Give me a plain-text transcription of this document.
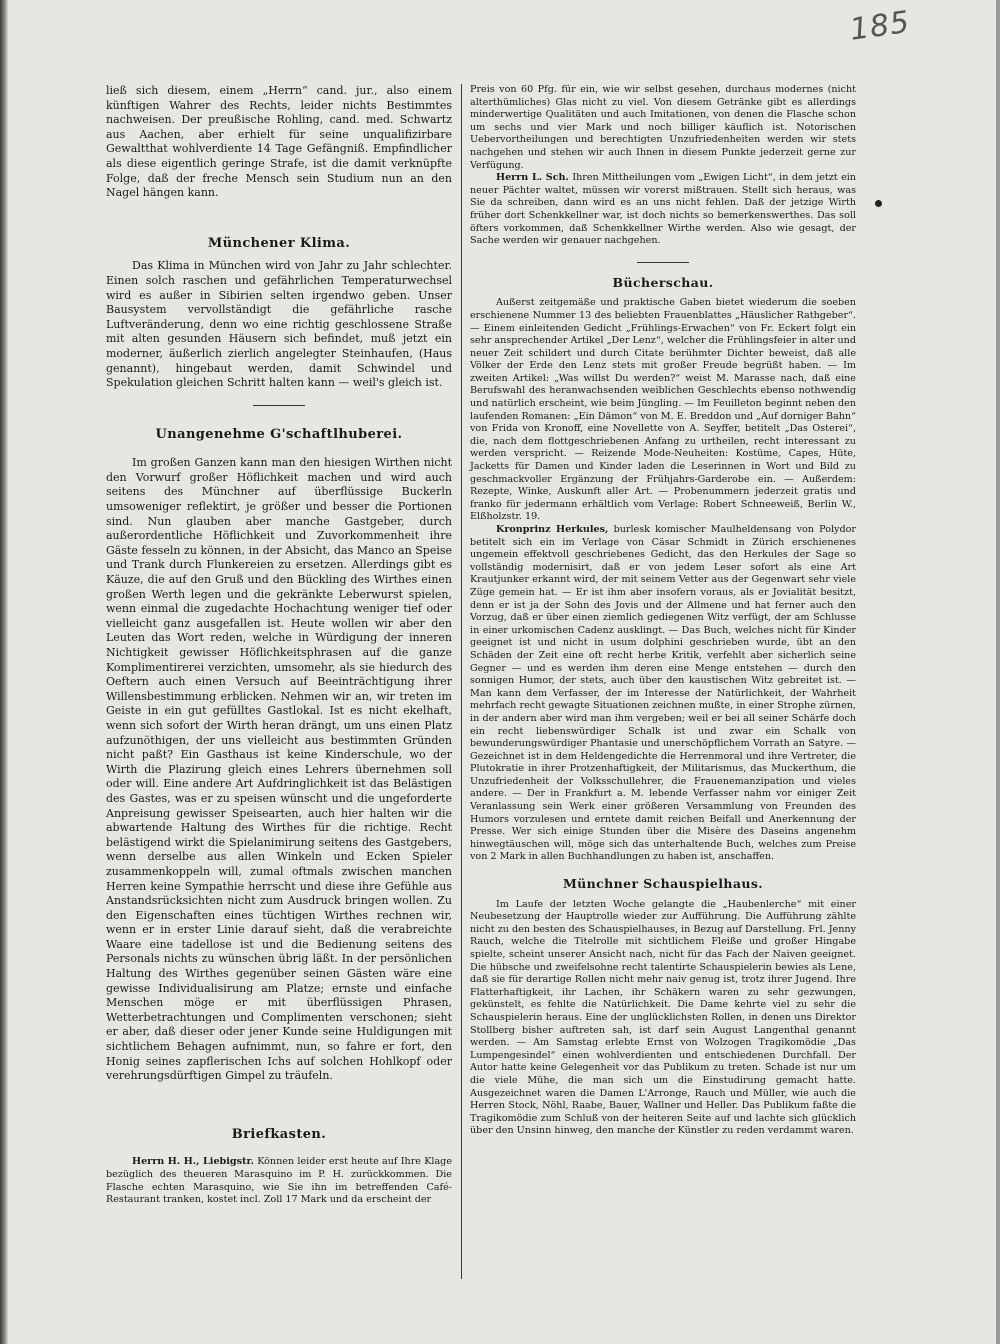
185

ließ sich diesem, einem „Herrn“ cand. jur., also einem künftigen Wahrer des Rechts, leider nichts Bestimmtes nachweisen. Der preußische Rohling, cand. med. Schwartz aus Aachen, aber erhielt für seine unqualifizirbare Gewaltthat wohlverdiente 14 Tage Gefängniß. Empfindlicher als diese eigentlich geringe Strafe, ist die damit verknüpfte Folge, daß der freche Mensch sein Studium nun an den Nagel hängen kann.

Münchener Klima.

Das Klima in München wird von Jahr zu Jahr schlechter. Einen solch raschen und gefährlichen Temperaturwechsel wird es außer in Sibirien selten irgendwo geben. Unser Bausystem vervollständigt die gefährliche rasche Luftveränderung, denn wo eine richtig geschlossene Straße mit alten gesunden Häusern sich befindet, muß jetzt ein moderner, äußerlich zierlich angelegter Steinhaufen, (Haus genannt), hingebaut werden, damit Schwindel und Spekulation gleichen Schritt halten kann — weil's gleich ist.

Unangenehme G'schaftlhuberei.

Im großen Ganzen kann man den hiesigen Wirthen nicht den Vorwurf großer Höflichkeit machen und wird auch seitens des Münchner auf überflüssige Buckerln umsoweniger reflektirt, je größer und besser die Portionen sind. Nun glauben aber manche Gastgeber, durch außerordentliche Höflichkeit und Zuvorkommenheit ihre Gäste fesseln zu können, in der Absicht, das Manco an Speise und Trank durch Flunkereien zu ersetzen. Allerdings gibt es Käuze, die auf den Gruß und den Bückling des Wirthes einen großen Werth legen und die gekränkte Leberwurst spielen, wenn einmal die zugedachte Hochachtung weniger tief oder vielleicht ganz ausgefallen ist. Heute wollen wir aber den Leuten das Wort reden, welche in Würdigung der inneren Nichtigkeit gewisser Höflichkeitsphrasen auf die ganze Komplimentirerei verzichten, umsomehr, als sie hiedurch des Oeftern auch einen Versuch auf Beeinträchtigung ihrer Willensbestimmung erblicken. Nehmen wir an, wir treten im Geiste in ein gut gefülltes Gastlokal. Ist es nicht ekelhaft, wenn sich sofort der Wirth heran drängt, um uns einen Platz aufzunöthigen, der uns vielleicht aus bestimmten Gründen nicht paßt? Ein Gasthaus ist keine Kinderschule, wo der Wirth die Plazirung gleich eines Lehrers übernehmen soll oder will. Eine andere Art Aufdringlichkeit ist das Belästigen des Gastes, was er zu speisen wünscht und die ungeforderte Anpreisung gewisser Speisearten, auch hier halten wir die abwartende Haltung des Wirthes für die richtige. Recht belästigend wirkt die Spielanimirung seitens des Gastgebers, wenn derselbe aus allen Winkeln und Ecken Spieler zusammenkoppeln will, zumal oftmals zwischen manchen Herren keine Sympathie herrscht und diese ihre Gefühle aus Anstandsrücksichten nicht zum Ausdruck bringen wollen. Zu den Eigenschaften eines tüchtigen Wirthes rechnen wir, wenn er in erster Linie darauf sieht, daß die verabreichte Waare eine tadellose ist und die Bedienung seitens des Personals nichts zu wünschen übrig läßt. In der persönlichen Haltung des Wirthes gegenüber seinen Gästen wäre eine gewisse Individualisirung am Platze; ernste und einfache Menschen möge er mit überflüssigen Phrasen, Wetterbetrachtungen und Complimenten verschonen; sieht er aber, daß dieser oder jener Kunde seine Huldigungen mit sichtlichem Behagen aufnimmt, nun, so fahre er fort, den Honig seines zapflerischen Ichs auf solchen Hohlkopf oder verehrungsdürftigen Gimpel zu träufeln.

Briefkasten.

Herrn H. H., Liebigstr. Können leider erst heute auf Ihre Klage bezüglich des theueren Marasquino im P. H. zurückkommen. Die Flasche echten Marasquino, wie Sie ihn im betreffenden Café-Restaurant tranken, kostet incl. Zoll 17 Mark und da erscheint der

Preis von 60 Pfg. für ein, wie wir selbst gesehen, durchaus modernes (nicht alterthümliches) Glas nicht zu viel. Von diesem Getränke gibt es allerdings minderwertige Qualitäten und auch Imitationen, von denen die Flasche schon um sechs und vier Mark und noch billiger käuflich ist. Notorischen Uebervortheilungen und berechtigten Unzufriedenheiten werden wir stets nachgehen und stehen wir auch Ihnen in diesem Punkte jederzeit gerne zur Verfügung.

Herrn L. Sch. Ihren Mittheilungen vom „Ewigen Licht“, in dem jetzt ein neuer Pächter waltet, müssen wir vorerst mißtrauen. Stellt sich heraus, was Sie da schreiben, dann wird es an uns nicht fehlen. Daß der jetzige Wirth früher dort Schenkkellner war, ist doch nichts so bemerkenswerthes. Das soll öfters vorkommen, daß Schenkkellner Wirthe werden. Also wie gesagt, der Sache werden wir genauer nachgehen.

Bücherschau.

Außerst zeitgemäße und praktische Gaben bietet wiederum die soeben erschienene Nummer 13 des beliebten Frauenblattes „Häuslicher Rathgeber“. — Einem einleitenden Gedicht „Frühlings-Erwachen“ von Fr. Eckert folgt ein sehr ansprechender Artikel „Der Lenz“, welcher die Frühlingsfeier in alter und neuer Zeit schildert und durch Citate berühmter Dichter beweist, daß alle Völker der Erde den Lenz stets mit großer Freude begrüßt haben. — Im zweiten Artikel: „Was willst Du werden?“ weist M. Marasse nach, daß eine Berufswahl des heranwachsenden weiblichen Geschlechts ebenso nothwendig und natürlich erscheint, wie beim Jüngling. — Im Feuilleton beginnt neben den laufenden Romanen: „Ein Dämon“ von M. E. Breddon und „Auf dorniger Bahn“ von Frida von Kronoff, eine Novellette von A. Seyffer, betitelt „Das Osterei“, die, nach dem flottgeschriebenen Anfang zu urtheilen, recht interessant zu werden verspricht. — Reizende Mode-Neuheiten: Kostüme, Capes, Hüte, Jacketts für Damen und Kinder laden die Leserinnen in Wort und Bild zu geschmackvoller Ergänzung der Frühjahrs-Garderobe ein. — Außerdem: Rezepte, Winke, Auskunft aller Art. — Probenummern jederzeit gratis und franko für jedermann erhältlich vom Verlage: Robert Schneeweiß, Berlin W., Elßholzstr. 19.

Kronprinz Herkules, burlesk komischer Maulheldensang von Polydor betitelt sich ein im Verlage von Cäsar Schmidt in Zürich erschienenes ungemein effektvoll geschriebenes Gedicht, das den Herkules der Sage so vollständig modernisirt, daß er von jedem Leser sofort als eine Art Krautjunker erkannt wird, der mit seinem Vetter aus der Gegenwart sehr viele Züge gemein hat. — Er ist ihm aber insofern voraus, als er Jovialität besitzt, denn er ist ja der Sohn des Jovis und der Allmene und hat ferner auch den Vorzug, daß er über einen ziemlich gediegenen Witz verfügt, der am Schlusse in einer urkomischen Cadenz ausklingt. — Das Buch, welches nicht für Kinder geeignet ist und nicht in usum dolphini geschrieben wurde, übt an den Schäden der Zeit eine oft recht herbe Kritik, verfehlt aber sicherlich seine Gegner — und es werden ihm deren eine Menge entstehen — durch den sonnigen Humor, der stets, auch über den kaustischen Witz gebreitet ist. — Man kann dem Verfasser, der im Interesse der Natürlichkeit, der Wahrheit mehrfach recht gewagte Situationen zeichnen mußte, in einer Strophe zürnen, in der andern aber wird man ihm vergeben; weil er bei all seiner Schärfe doch ein recht liebenswürdiger Schalk ist und zwar ein Schalk von bewunderungswürdiger Phantasie und unerschöpflichem Vorrath an Satyre. — Gezeichnet ist in dem Heldengedichte die Herrenmoral und ihre Vertreter, die Plutokratie in ihrer Protzenhaftigkeit, der Militarismus, das Muckerthum, die Unzufriedenheit der Volksschullehrer, die Frauenemanzipation und vieles andere. — Der in Frankfurt a. M. lebende Verfasser nahm vor einiger Zeit Veranlassung sein Werk einer größeren Versammlung von Freunden des Humors vorzulesen und erntete damit reichen Beifall und Anerkennung der Presse. Wer sich einige Stunden über die Misère des Daseins angenehm hinwegtäuschen will, möge sich das unterhaltende Buch, welches zum Preise von 2 Mark in allen Buchhandlungen zu haben ist, anschaffen.

Münchner Schauspielhaus.

Im Laufe der letzten Woche gelangte die „Haubenlerche“ mit einer Neubesetzung der Hauptrolle wieder zur Aufführung. Die Aufführung zählte nicht zu den besten des Schauspielhauses, in Bezug auf Darstellung. Frl. Jenny Rauch, welche die Titelrolle mit sichtlichem Fleiße und großer Hingabe spielte, scheint unserer Ansicht nach, nicht für das Fach der Naiven geeignet. Die hübsche und zweifelsohne recht talentirte Schauspielerin bewies als Lene, daß sie für derartige Rollen nicht mehr naiv genug ist, trotz ihrer Jugend. Ihre Flatterhaftigkeit, ihr Lachen, ihr Schäkern waren zu sehr gezwungen, gekünstelt, es fehlte die Natürlichkeit. Die Dame kehrte viel zu sehr die Schauspielerin heraus. Eine der unglücklichsten Rollen, in denen uns Direktor Stollberg bisher auftreten sah, ist darf sein August Langenthal genannt werden. — Am Samstag erlebte Ernst von Wolzogen Tragikomödie „Das Lumpengesindel“ einen wohlverdienten und entschiedenen Durchfall. Der Autor hatte keine Gelegenheit vor das Publikum zu treten. Schade ist nur um die viele Mühe, die man sich um die Einstudirung gemacht hatte. Ausgezeichnet waren die Damen L'Arronge, Rauch und Müller, wie auch die Herren Stock, Nöhl, Raabe, Bauer, Wallner und Heller. Das Publikum faßte die Tragikomödie zum Schluß von der heiteren Seite auf und lachte sich glücklich über den Unsinn hinweg, den manche der Künstler zu reden verdammt waren.
